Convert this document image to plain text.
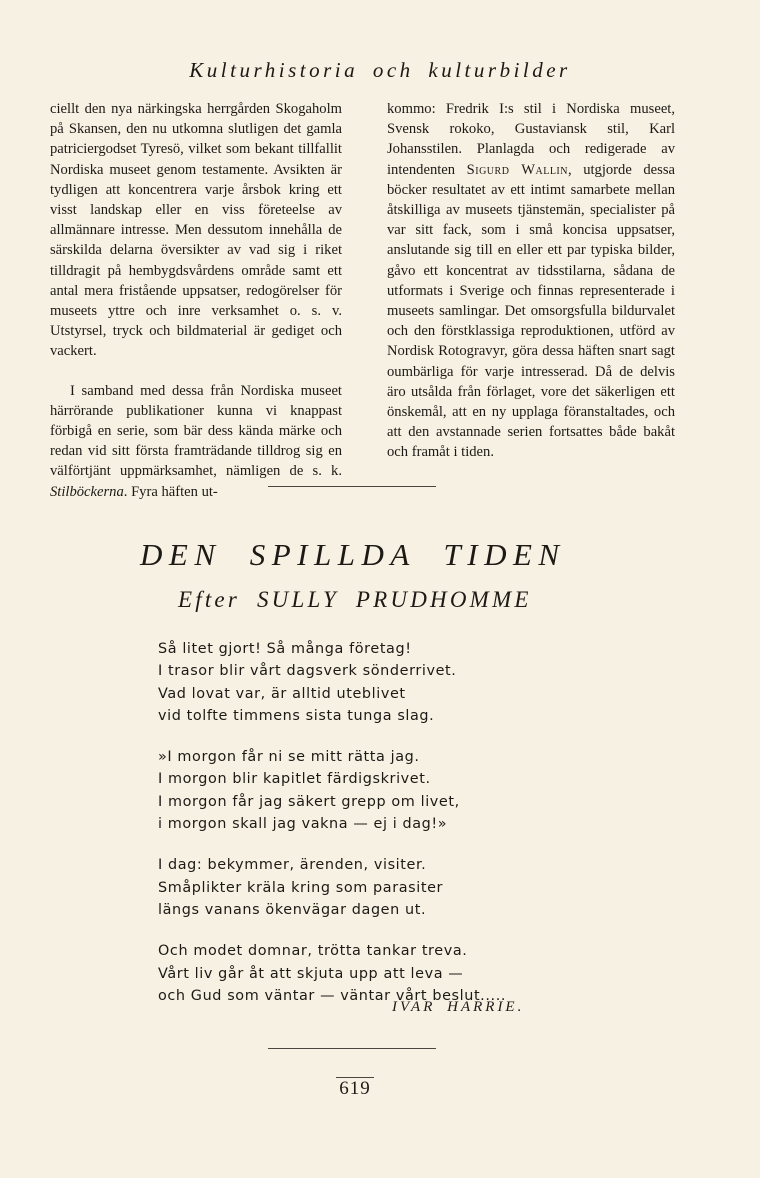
Kulturhistoria och kulturbilder

ciellt den nya närkingska herrgården Skogaholm på Skansen, den nu utkomna slutligen det gamla patriciergodset Tyresö, vilket som bekant tillfallit Nordiska museet genom testamente. Avsikten är tydligen att koncentrera varje årsbok kring ett visst landskap eller en viss företeelse av allmännare intresse. Men dessutom innehålla de särskilda delarna översikter av vad sig i riket tilldragit på hembygdsvårdens område samt ett antal mera fristående uppsatser, redogörelser för museets yttre och inre verksamhet o. s. v. Utstyrsel, tryck och bildmaterial är gediget och vackert.

I samband med dessa från Nordiska museet härrörande publikationer kunna vi knappast förbigå en serie, som bär dess kända märke och redan vid sitt första framträdande tilldrog sig en välförtjänt uppmärksamhet, nämligen de s. k. Stilböckerna. Fyra häften ut-

kommo: Fredrik I:s stil i Nordiska museet, Svensk rokoko, Gustaviansk stil, Karl Johansstilen. Planlagda och redigerade av intendenten Sigurd Wallin, utgjorde dessa böcker resultatet av ett intimt samarbete mellan åtskilliga av museets tjänstemän, specialister på var sitt fack, som i små koncisa uppsatser, anslutande sig till en eller ett par typiska bilder, gåvo ett koncentrat av tidsstilarna, sådana de utformats i Sverige och finnas representerade i museets samlingar. Det omsorgsfulla bildurvalet och den förstklassiga reproduktionen, utförd av Nordisk Rotogravyr, göra dessa häften snart sagt oumbärliga för varje intresserad. Då de delvis äro utsålda från förlaget, vore det säkerligen ett önskemål, att en ny upplaga föranstaltades, och att den avstannade serien fortsattes både bakåt och framåt i tiden.

DEN SPILLDA TIDEN
Efter SULLY PRUDHOMME
Så litet gjort! Så många företag!
I trasor blir vårt dagsverk sönderrivet.
Vad lovat var, är alltid uteblivet
vid tolfte timmens sista tunga slag.
»I morgon får ni se mitt rätta jag.
I morgon blir kapitlet färdigskrivet.
I morgon får jag säkert grepp om livet,
i morgon skall jag vakna — ej i dag!»
I dag: bekymmer, ärenden, visiter.
Småplikter kräla kring som parasiter
längs vanans ökenvägar dagen ut.
Och modet domnar, trötta tankar treva.
Vårt liv går åt att skjuta upp att leva —
och Gud som väntar — väntar vårt beslut.....
IVAR HARRIE.
619
